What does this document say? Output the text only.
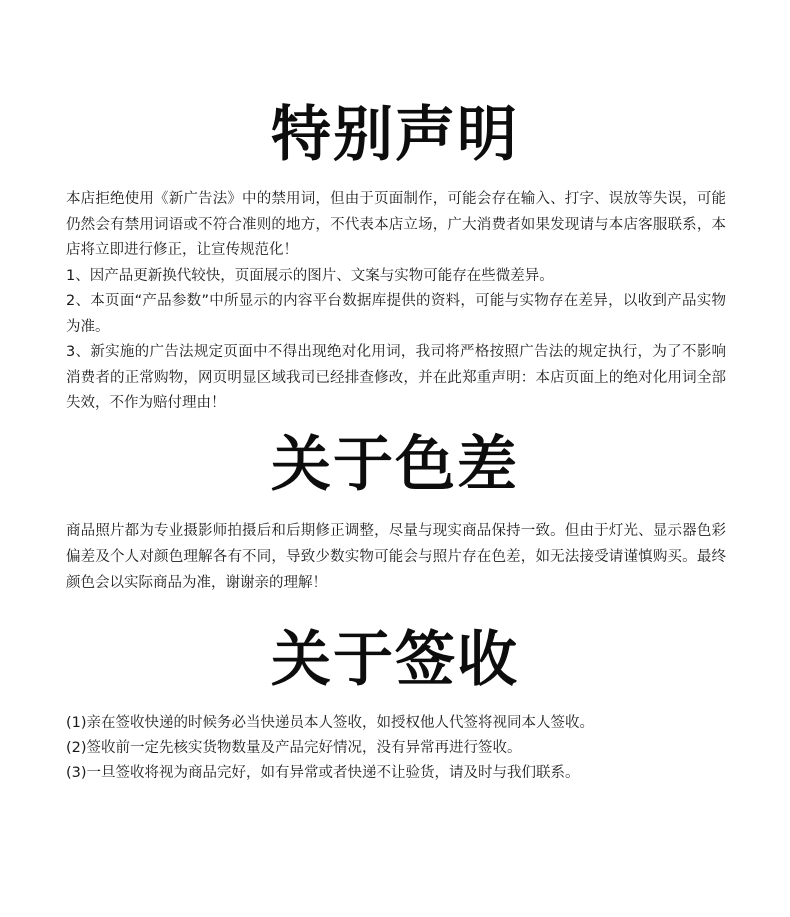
特别声明

本店拒绝使用《新广告法》中的禁用词，但由于页面制作，可能会存在输入、打字、误放等失误，可能仍然会有禁用词语或不符合准则的地方，不代表本店立场，广大消费者如果发现请与本店客服联系，本店将立即进行修正，让宣传规范化！

1、因产品更新换代较快，页面展示的图片、文案与实物可能存在些微差异。

2、本页面“产品参数”中所显示的内容平台数据库提供的资料，可能与实物存在差异，以收到产品实物为准。

3、新实施的广告法规定页面中不得出现绝对化用词，我司将严格按照广告法的规定执行，为了不影响消费者的正常购物，网页明显区域我司已经排查修改，并在此郑重声明：本店页面上的绝对化用词全部失效，不作为赔付理由！

关于色差

商品照片都为专业摄影师拍摄后和后期修正调整，尽量与现实商品保持一致。但由于灯光、显示器色彩偏差及个人对颜色理解各有不同，导致少数实物可能会与照片存在色差，如无法接受请谨慎购买。最终颜色会以实际商品为准，谢谢亲的理解！

关于签收

(1)亲在签收快递的时候务必当快递员本人签收，如授权他人代签将视同本人签收。

(2)签收前一定先核实货物数量及产品完好情况，没有异常再进行签收。

(3)一旦签收将视为商品完好，如有异常或者快递不让验货，请及时与我们联系。
